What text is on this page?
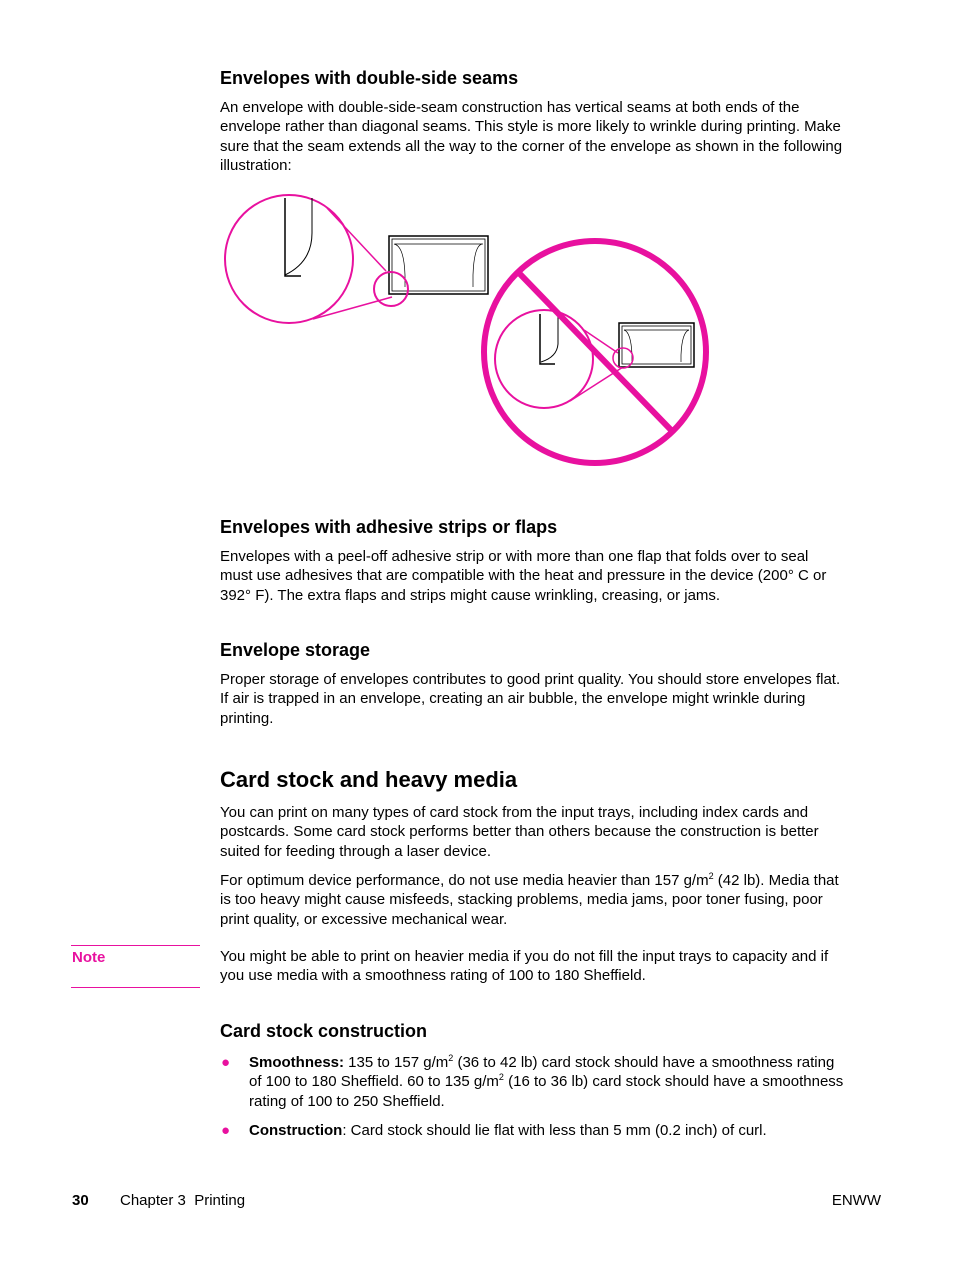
Envelopes with double-side seams
An envelope with double-side-seam construction has vertical seams at both ends of the
envelope rather than diagonal seams. This style is more likely to wrinkle during printing. Make
sure that the seam extends all the way to the corner of the envelope as shown in the following
illustration:
Envelopes with adhesive strips or flaps
Envelopes with a peel-off adhesive strip or with more than one flap that folds over to seal
must use adhesives that are compatible with the heat and pressure in the device (200° C or
392° F). The extra flaps and strips might cause wrinkling, creasing, or jams.
Envelope storage
Proper storage of envelopes contributes to good print quality. You should store envelopes flat.
If air is trapped in an envelope, creating an air bubble, the envelope might wrinkle during
printing.
Card stock and heavy media
You can print on many types of card stock from the input trays, including index cards and
postcards. Some card stock performs better than others because the construction is better
suited for feeding through a laser device.
For optimum device performance, do not use media heavier than 157 $g/m^2$ (42 lb). Media that
is too heavy might cause misfeeds, stacking problems, media jams, poor toner fusing, poor
print quality, or excessive mechanical wear.
Note	You might be able to print on heavier media if you do not fill the input trays to capacity and if
you use media with a smoothness rating of 100 to 180 Sheffield.
Card stock construction
● Smoothness: 135 to 157 $g/m^2$ (36 to 42 lb) card stock should have a smoothness rating
of 100 to 180 Sheffield. 60 to 135 $g/m^2$ (16 to 36 lb) card stock should have a smoothness
rating of 100 to 250 Sheffield.
● Construction: Card stock should lie flat with less than 5 mm (0.2 inch) of curl.
30 Chapter 3  Printing	ENWW
